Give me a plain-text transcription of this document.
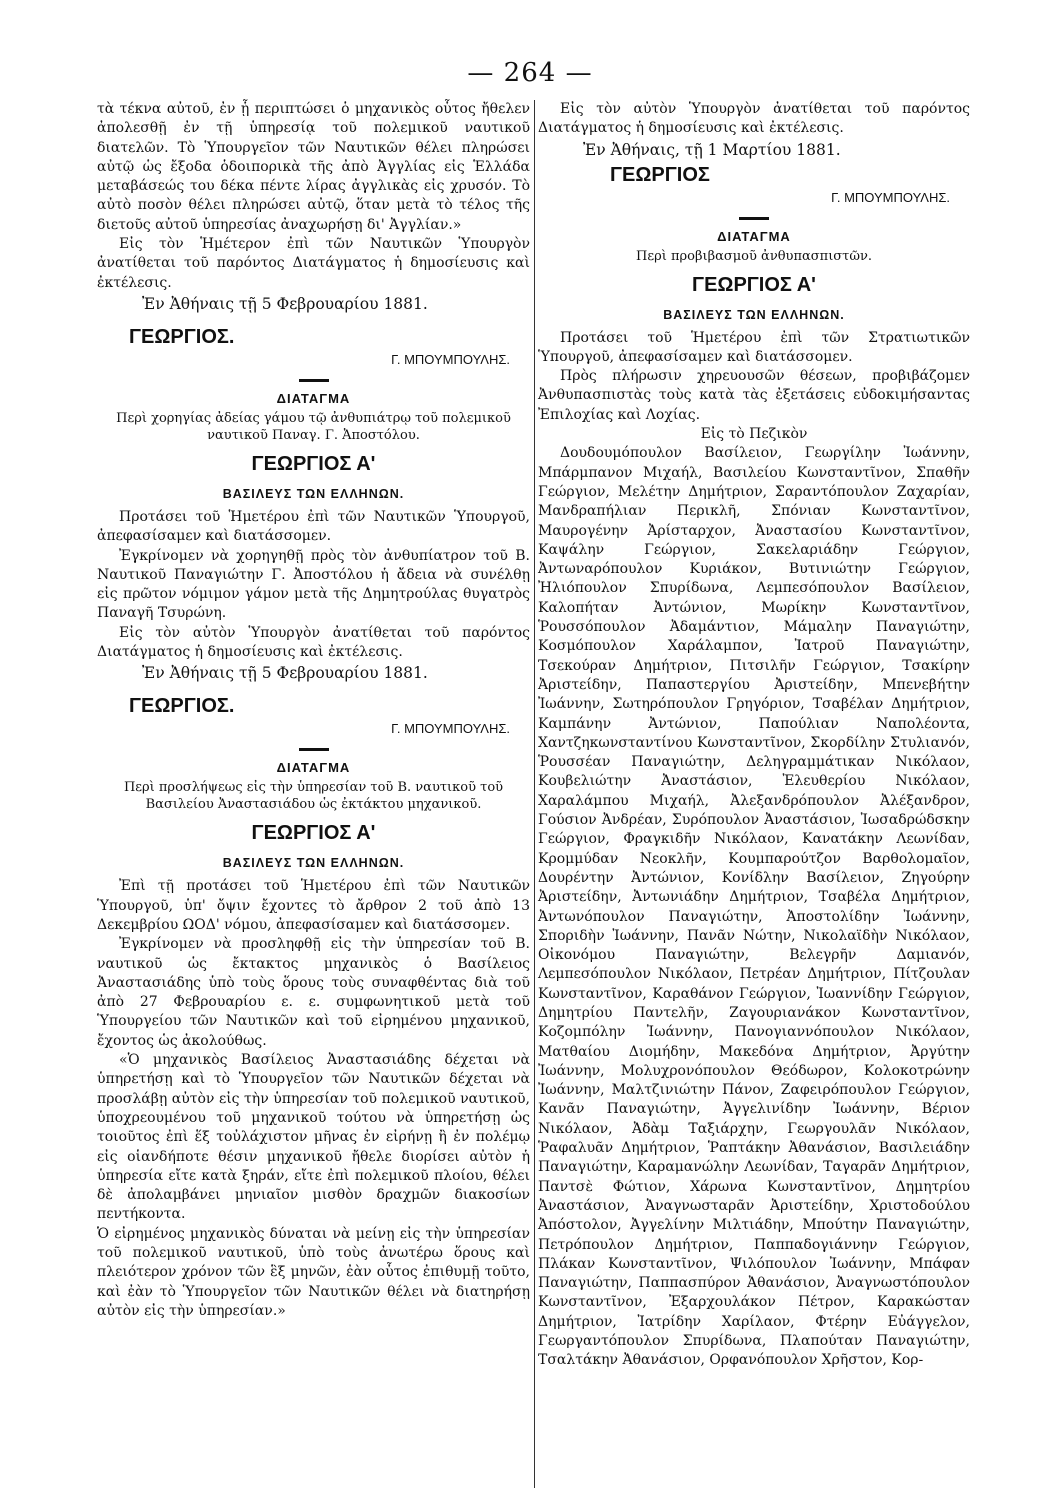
— 264 —

τὰ τέκνα αὐτοῦ, ἐν ᾗ περιπτώσει ὁ μηχανικὸς οὗτος ἤθελεν ἀπολεσθῇ ἐν τῇ ὑπηρεσίᾳ τοῦ πολεμικοῦ ναυτικοῦ διατελῶν. Τὸ Ὑπουργεῖον τῶν Ναυτικῶν θέλει πληρώσει αὐτῷ ὡς ἔξοδα ὁδοιπορικὰ τῆς ἀπὸ Ἀγγλίας εἰς Ἑλλάδα μεταβάσεώς του δέκα πέντε λίρας ἀγγλικὰς εἰς χρυσόν. Τὸ αὐτὸ ποσὸν θέλει πληρώσει αὐτῷ, ὅταν μετὰ τὸ τέλος τῆς διετοῦς αὐτοῦ ὑπηρεσίας ἀναχωρήσῃ δι' Ἀγγλίαν.»

Εἰς τὸν Ἡμέτερον ἐπὶ τῶν Ναυτικῶν Ὑπουργὸν ἀνατίθεται τοῦ παρόντος Διατάγματος ἡ δημοσίευσις καὶ ἐκτέλεσις.

Ἐν Ἀθήναις τῇ 5 Φεβρουαρίου 1881.

ΓΕΩΡΓΙΟΣ.

Γ. ΜΠΟΥΜΠΟΥΛΗΣ.

ΔΙΑΤΑΓΜΑ

Περὶ χορηγίας ἀδείας γάμου τῷ ἀνθυπιάτρῳ τοῦ πολεμικοῦ ναυτικοῦ Παναγ. Γ. Ἀποστόλου.

ΓΕΩΡΓΙΟΣ Α'

ΒΑΣΙΛΕΥΣ ΤΩΝ ΕΛΛΗΝΩΝ.

Προτάσει τοῦ Ἡμετέρου ἐπὶ τῶν Ναυτικῶν Ὑπουργοῦ, ἀπεφασίσαμεν καὶ διατάσσομεν.

Ἐγκρίνομεν νὰ χορηγηθῇ πρὸς τὸν ἀνθυπίατρον τοῦ Β. Ναυτικοῦ Παναγιώτην Γ. Ἀποστόλου ἡ ἄδεια νὰ συνέλθῃ εἰς πρῶτον νόμιμον γάμον μετὰ τῆς Δημητρούλας θυγατρὸς Παναγῆ Τσυρώνη.

Εἰς τὸν αὐτὸν Ὑπουργὸν ἀνατίθεται τοῦ παρόντος Διατάγματος ἡ δημοσίευσις καὶ ἐκτέλεσις.

Ἐν Ἀθήναις τῇ 5 Φεβρουαρίου 1881.

ΓΕΩΡΓΙΟΣ.

Γ. ΜΠΟΥΜΠΟΥΛΗΣ.

ΔΙΑΤΑΓΜΑ

Περὶ προσλήψεως εἰς τὴν ὑπηρεσίαν τοῦ Β. ναυτικοῦ τοῦ Βασιλείου Ἀναστασιάδου ὡς ἐκτάκτου μηχανικοῦ.

ΓΕΩΡΓΙΟΣ Α'

ΒΑΣΙΛΕΥΣ ΤΩΝ ΕΛΛΗΝΩΝ.

Ἐπὶ τῇ προτάσει τοῦ Ἡμετέρου ἐπὶ τῶν Ναυτικῶν Ὑπουργοῦ, ὑπ' ὄψιν ἔχοντες τὸ ἄρθρον 2 τοῦ ἀπὸ 13 Δεκεμβρίου ΩΟΔ' νόμου, ἀπεφασίσαμεν καὶ διατάσσομεν.

Ἐγκρίνομεν νὰ προσληφθῇ εἰς τὴν ὑπηρεσίαν τοῦ Β. ναυτικοῦ ὡς ἔκτακτος μηχανικὸς ὁ Βασίλειος Ἀναστασιάδης ὑπὸ τοὺς ὅρους τοὺς συναφθέντας διὰ τοῦ ἀπὸ 27 Φεβρουαρίου ε. ε. συμφωνητικοῦ μετὰ τοῦ Ὑπουργείου τῶν Ναυτικῶν καὶ τοῦ εἰρημένου μηχανικοῦ, ἔχοντος ὡς ἀκολούθως.

«Ὁ μηχανικὸς Βασίλειος Ἀναστασιάδης δέχεται νὰ ὑπηρετήσῃ καὶ τὸ Ὑπουργεῖον τῶν Ναυτικῶν δέχεται νὰ προσλάβῃ αὐτὸν εἰς τὴν ὑπηρεσίαν τοῦ πολεμικοῦ ναυτικοῦ, ὑποχρεουμένου τοῦ μηχανικοῦ τούτου νὰ ὑπηρετήσῃ ὡς τοιοῦτος ἐπὶ ἕξ τοὐλάχιστον μῆνας ἐν εἰρήνῃ ἢ ἐν πολέμῳ εἰς οἱανδήποτε θέσιν μηχανικοῦ ἤθελε διορίσει αὐτὸν ἡ ὑπηρεσία εἴτε κατὰ ξηράν, εἴτε ἐπὶ πολεμικοῦ πλοίου, θέλει δὲ ἀπολαμβάνει μηνιαῖον μισθὸν δραχμῶν διακοσίων πεντήκοντα.

Ὁ εἰρημένος μηχανικὸς δύναται νὰ μείνῃ εἰς τὴν ὑπηρεσίαν τοῦ πολεμικοῦ ναυτικοῦ, ὑπὸ τοὺς ἀνωτέρω ὅρους καὶ πλειότερον χρόνον τῶν ἓξ μηνῶν, ἐὰν οὗτος ἐπιθυμῇ τοῦτο, καὶ ἐὰν τὸ Ὑπουργεῖον τῶν Ναυτικῶν θέλει νὰ διατηρήσῃ αὐτὸν εἰς τὴν ὑπηρεσίαν.»

Εἰς τὸν αὐτὸν Ὑπουργὸν ἀνατίθεται τοῦ παρόντος Διατάγματος ἡ δημοσίευσις καὶ ἐκτέλεσις.

Ἐν Ἀθήναις, τῇ 1 Μαρτίου 1881.

ΓΕΩΡΓΙΟΣ

Γ. ΜΠΟΥΜΠΟΥΛΗΣ.

ΔΙΑΤΑΓΜΑ

Περὶ προβιβασμοῦ ἀνθυπασπιστῶν.

ΓΕΩΡΓΙΟΣ Α'

ΒΑΣΙΛΕΥΣ ΤΩΝ ΕΛΛΗΝΩΝ.

Προτάσει τοῦ Ἡμετέρου ἐπὶ τῶν Στρατιωτικῶν Ὑπουργοῦ, ἀπεφασίσαμεν καὶ διατάσσομεν.

Πρὸς πλήρωσιν χηρευουσῶν θέσεων, προβιβάζομεν Ἀνθυπασπιστὰς τοὺς κατὰ τὰς ἐξετάσεις εὐδοκιμήσαντας Ἐπιλοχίας καὶ Λοχίας.

Εἰς τὸ Πεζικὸν

Δουδουμόπουλον Βασίλειον, Γεωργίλην Ἰωάννην, Μπάρμπανον Μιχαήλ, Βασιλείου Κωνσταντῖνον, Σπαθῆν Γεώργιον, Μελέτην Δημήτριον, Σαραντόπουλον Ζαχαρίαν, Μανδραπήλιαν Περικλῆ, Σπόνιαν Κωνσταντῖνον, Μαυρογένην Ἀρίσταρχον, Ἀναστασίου Κωνσταντῖνον, Καψάλην Γεώργιον, Σακελαριάδην Γεώργιον, Ἀντωναρόπουλον Κυριάκον, Βυτινιώτην Γεώργιον, Ἠλιόπουλον Σπυρίδωνα, Λεμπεσόπουλον Βασίλειον, Καλοπήταν Ἀντώνιον, Μωρίκην Κωνσταντῖνον, Ῥουσσόπουλον Ἀδαμάντιον, Μάμαλην Παναγιώτην, Κοσμόπουλον Χαράλαμπον, Ἰατροῦ Παναγιώτην, Τσεκούραν Δημήτριον, Πιτσιλῆν Γεώργιον, Τσακίρην Ἀριστείδην, Παπαστεργίου Ἀριστείδην, Μπενεβήτην Ἰωάννην, Σωτηρόπουλον Γρηγόριον, Τσαβέλαν Δημήτριον, Καμπάνην Ἀντώνιον, Παπούλιαν Ναπολέοντα, Χαντζηκωνσταντίνου Κωνσταντῖνον, Σκορδίλην Στυλιανόν, Ῥουσσέαν Παναγιώτην, Δεληγραμμάτικαν Νικόλαον, Κουβελιώτην Ἀναστάσιον, Ἐλευθερίου Νικόλαον, Χαραλάμπου Μιχαήλ, Ἀλεξανδρόπουλον Ἀλέξανδρον, Γούσιον Ἀνδρέαν, Συρόπουλον Ἀναστάσιον, Ἰωσαδρώδσκην Γεώργιον, Φραγκιδῆν Νικόλαον, Κανατάκην Λεωνίδαν, Κρομμύδαν Νεοκλῆν, Κουμπαρούτζον Βαρθολομαῖον, Δουρέντην Ἀντώνιον, Κονίδλην Βασίλειον, Ζηγούρην Ἀριστείδην, Ἀντωνιάδην Δημήτριον, Τσαβέλα Δημήτριον, Ἀντωνόπουλον Παναγιώτην, Ἀποστολίδην Ἰωάννην, Σποριδὴν Ἰωάννην, Πανᾶν Νώτην, Νικολαϊδὴν Νικόλαον, Οἰκονόμου Παναγιώτην, Βελεγρῆν Δαμιανόν, Λεμπεσόπουλον Νικόλαον, Πετρέαν Δημήτριον, Πίτζουλαν Κωνσταντῖνον, Καραθάνον Γεώργιον, Ἰωαννίδην Γεώργιον, Δημητρίου Παντελῆν, Ζαγουριανάκον Κωνσταντῖνον, Κοζομπόλην Ἰωάννην, Πανογιαννόπουλον Νικόλαον, Ματθαίου Διομήδην, Μακεδόνα Δημήτριον, Ἀργύτην Ἰωάννην, Μολυχρονόπουλον Θεόδωρον, Κολοκοτρώνην Ἰωάννην, Μαλτζινιώτην Πάνον, Ζαφειρόπουλον Γεώργιον, Κανᾶν Παναγιώτην, Ἀγγελινίδην Ἰωάννην, Βέριον Νικόλαον, Ἀδὰμ Ταξιάρχην, Γεωργουλᾶν Νικόλαον, Ῥαφαλυᾶν Δημήτριον, Ῥαπτάκην Ἀθανάσιον, Βασιλειάδην Παναγιώτην, Καραμανώλην Λεωνίδαν, Ταγαρᾶν Δημήτριον, Παντσὲ Φώτιον, Χάρωνα Κωνσταντῖνον, Δημητρίου Ἀναστάσιον, Ἀναγνωσταρᾶν Ἀριστείδην, Χριστοδούλου Ἀπόστολον, Ἀγγελίνην Μιλτιάδην, Μπούτην Παναγιώτην, Πετρόπουλον Δημήτριον, Παππαδογιάννην Γεώργιον, Πλάκαν Κωνσταντῖνον, Ψιλόπουλον Ἰωάννην, Μπάφαν Παναγιώτην, Παππασπύρον Ἀθανάσιον, Ἀναγνωστόπουλον Κωνσταντῖνον, Ἐξαρχουλάκον Πέτρον, Καρακώσταν Δημήτριον, Ἰατρίδην Χαρίλαον, Φτέρην Εὐάγγελον, Γεωργαντόπουλον Σπυρίδωνα, Πλαπούταν Παναγιώτην, Τσαλτάκην Ἀθανάσιον, Ορφανόπουλον Χρῆστον, Κορ-
